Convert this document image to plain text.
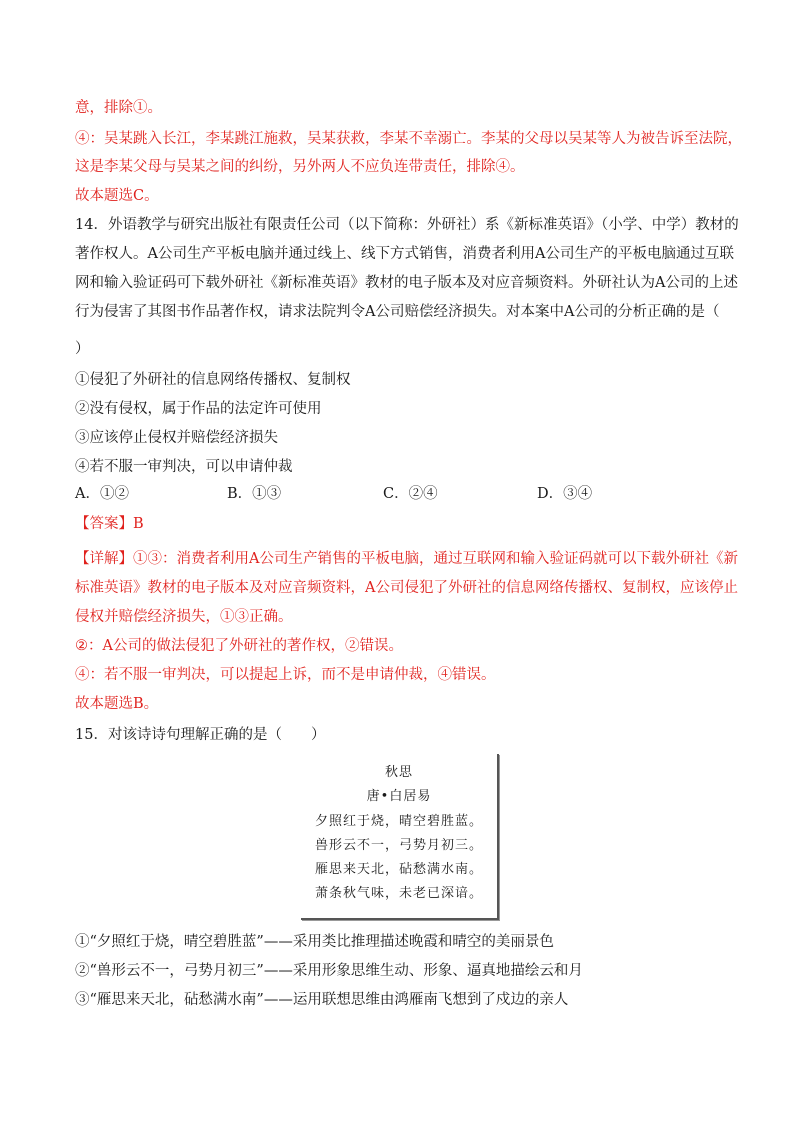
意，排除①。
④：吴某跳入长江，李某跳江施救，吴某获救，李某不幸溺亡。李某的父母以吴某等人为被告诉至法院，
这是李某父母与吴某之间的纠纷，另外两人不应负连带责任，排除④。
故本题选C。
14．外语教学与研究出版社有限责任公司（以下简称：外研社）系《新标准英语》（小学、中学）教材的
著作权人。A公司生产平板电脑并通过线上、线下方式销售，消费者利用A公司生产的平板电脑通过互联
网和输入验证码可下载外研社《新标准英语》教材的电子版本及对应音频资料。外研社认为A公司的上述
行为侵害了其图书作品著作权，请求法院判令A公司赔偿经济损失。对本案中A公司的分析正确的是（
）
①侵犯了外研社的信息网络传播权、复制权
②没有侵权，属于作品的法定许可使用
③应该停止侵权并赔偿经济损失
④若不服一审判决，可以申请仲裁
A．①②	B．①③	C．②④	D．③④
【答案】B
【详解】①③：消费者利用A公司生产销售的平板电脑，通过互联网和输入验证码就可以下载外研社《新
标准英语》教材的电子版本及对应音频资料，A公司侵犯了外研社的信息网络传播权、复制权，应该停止
侵权并赔偿经济损失，①③正确。
②：A公司的做法侵犯了外研社的著作权，②错误。
④：若不服一审判决，可以提起上诉，而不是申请仲裁，④错误。
故本题选B。
15．对该诗诗句理解正确的是（　　）
秋思
唐•白居易
夕照红于烧，晴空碧胜蓝。
兽形云不一，弓势月初三。
雁思来天北，砧愁满水南。
萧条秋气味，未老已深谙。
①“夕照红于烧，晴空碧胜蓝”——采用类比推理描述晚霞和晴空的美丽景色
②“兽形云不一，弓势月初三”——采用形象思维生动、形象、逼真地描绘云和月
③“雁思来天北，砧愁满水南”——运用联想思维由鸿雁南飞想到了戍边的亲人
